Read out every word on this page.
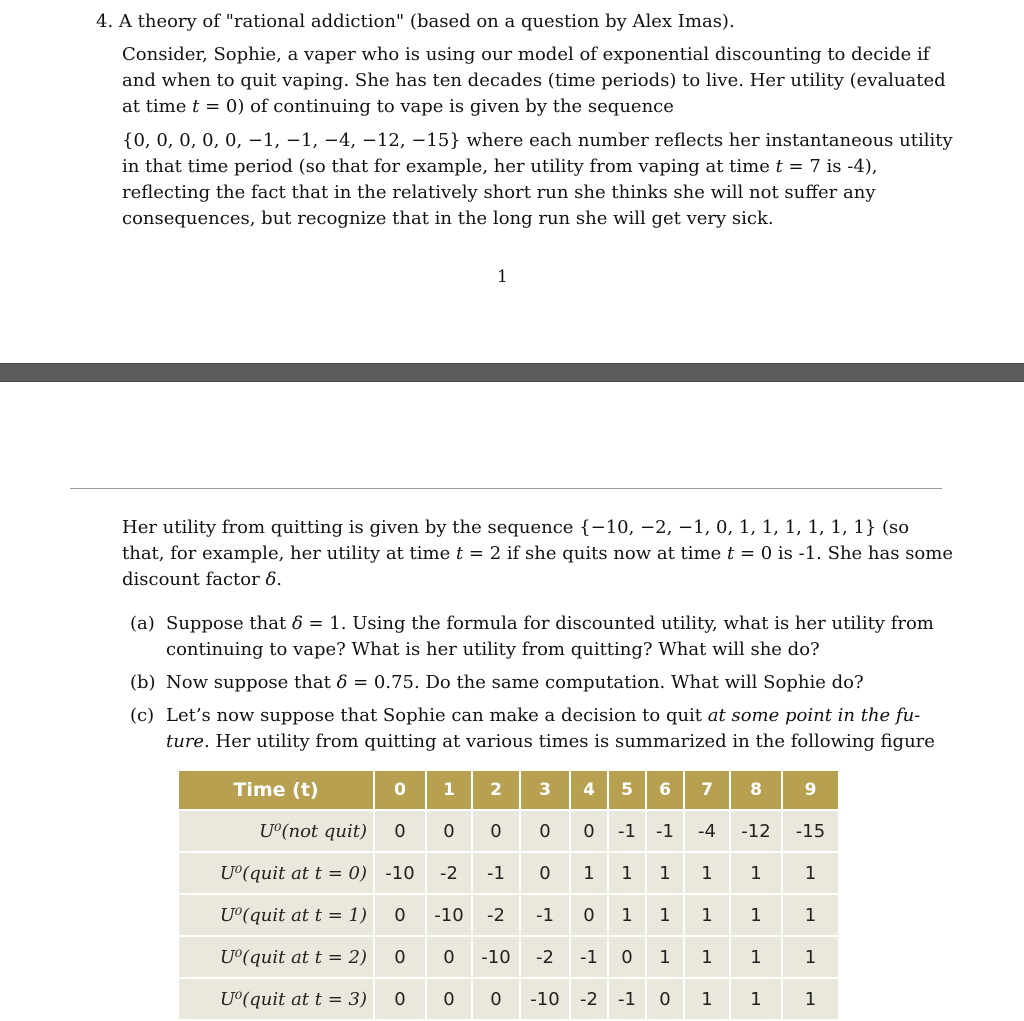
4. A theory of "rational addiction" (based on a question by Alex Imas).
Consider, Sophie, a vaper who is using our model of exponential discounting to decide if and when to quit vaping. She has ten decades (time periods) to live. Her utility (evaluated at time t = 0) of continuing to vape is given by the sequence
{0, 0, 0, 0, 0, −1, −1, −4, −12, −15} where each number reflects her instantaneous utility in that time period (so that for example, her utility from vaping at time t = 7 is -4), reflecting the fact that in the relatively short run she thinks she will not suffer any consequences, but recognize that in the long run she will get very sick.
1
Her utility from quitting is given by the sequence {−10, −2, −1, 0, 1, 1, 1, 1, 1, 1} (so that, for example, her utility at time t = 2 if she quits now at time t = 0 is -1. She has some discount factor δ.
(a) Suppose that δ = 1. Using the formula for discounted utility, what is her utility from continuing to vape? What is her utility from quitting? What will she do?
(b) Now suppose that δ = 0.75. Do the same computation. What will Sophie do?
(c) Let’s now suppose that Sophie can make a decision to quit at some point in the fu- ture. Her utility from quitting at various times is summarized in the following figure
Time (t)	0	1	2	3	4	5	6	7	8	9
U⁰(not quit)	0	0	0	0	0	-1	-1	-4	-12	-15
U⁰(quit at t = 0)	-10	-2	-1	0	1	1	1	1	1	1
U⁰(quit at t = 1)	0	-10	-2	-1	0	1	1	1	1	1
U⁰(quit at t = 2)	0	0	-10	-2	-1	0	1	1	1	1
U⁰(quit at t = 3)	0	0	0	-10	-2	-1	0	1	1	1
